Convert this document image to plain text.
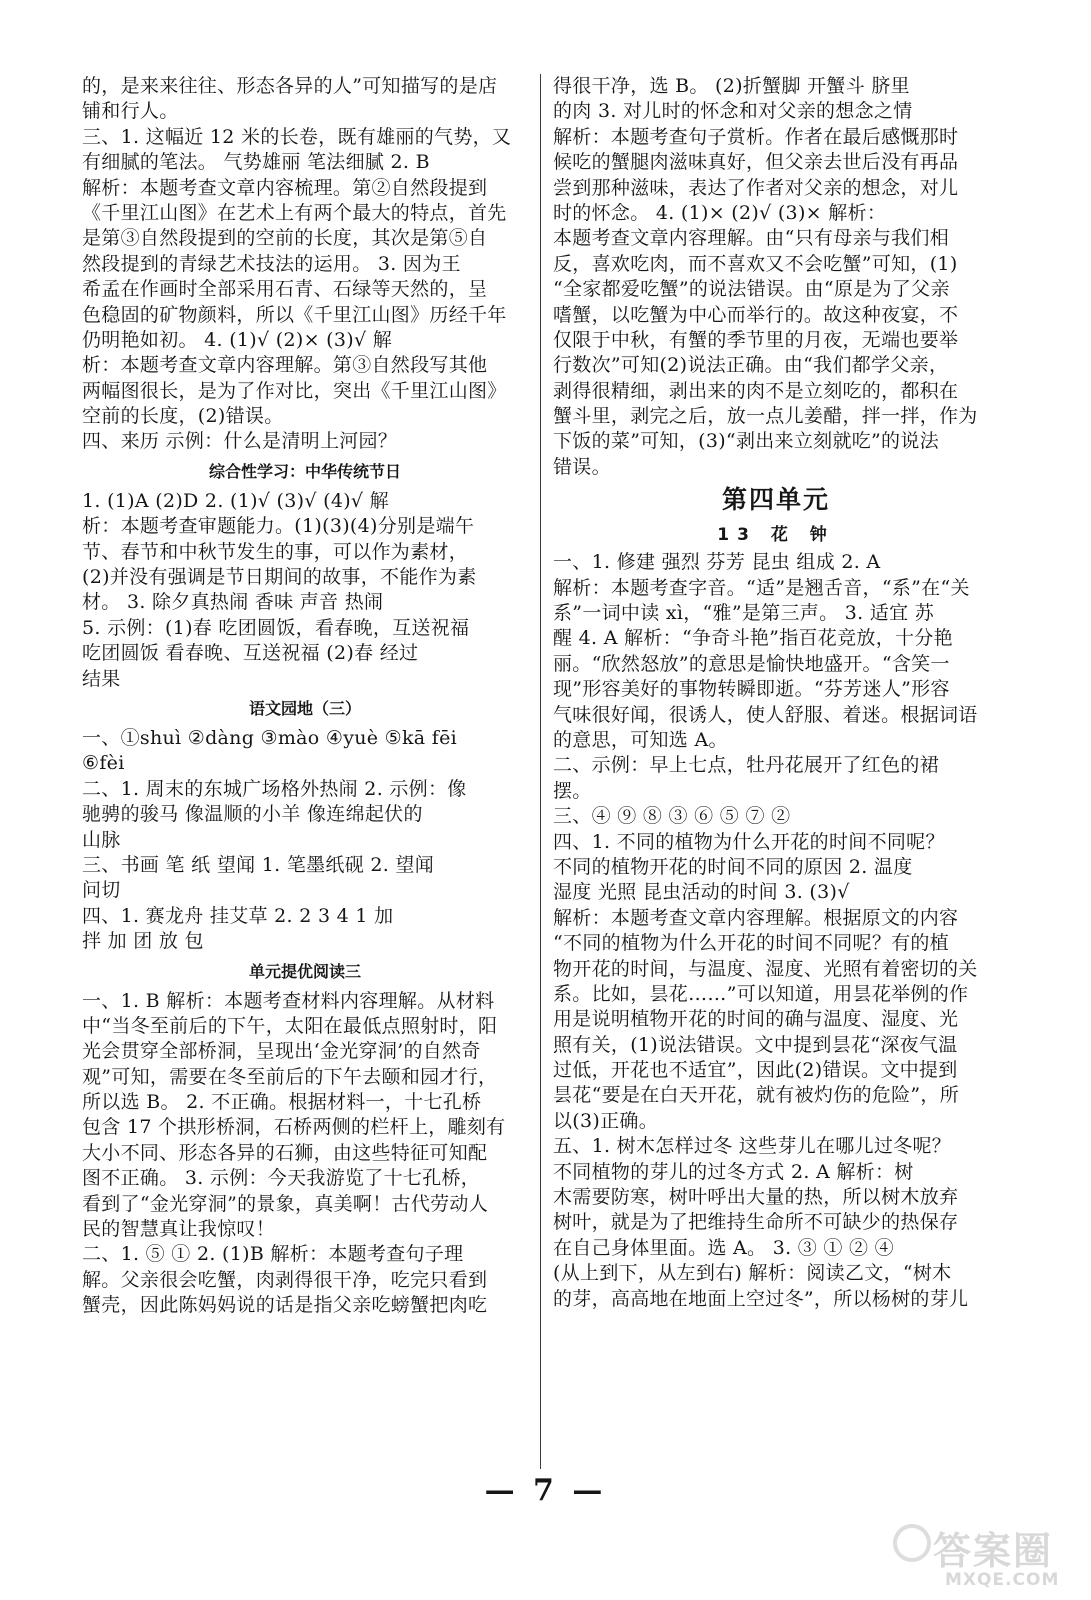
的，是来来往往、形态各异的人”可知描写的是店
铺和行人。
三、1. 这幅近 12 米的长卷，既有雄丽的气势，又
有细腻的笔法。 气势雄丽 笔法细腻 2. B
解析：本题考查文章内容梳理。第②自然段提到
《千里江山图》在艺术上有两个最大的特点，首先
是第③自然段提到的空前的长度，其次是第⑤自
然段提到的青绿艺术技法的运用。 3. 因为王
希孟在作画时全部采用石青、石绿等天然的，呈
色稳固的矿物颜料，所以《千里江山图》历经千年
仍明艳如初。 4. (1)√ (2)× (3)√ 解
析：本题考查文章内容理解。第③自然段写其他
两幅图很长，是为了作对比，突出《千里江山图》
空前的长度，(2)错误。
四、来历 示例：什么是清明上河园？
综合性学习：中华传统节日
1. (1)A (2)D 2. (1)√ (3)√ (4)√ 解
析：本题考查审题能力。(1)(3)(4)分别是端午
节、春节和中秋节发生的事，可以作为素材，
(2)并没有强调是节日期间的故事，不能作为素
材。 3. 除夕真热闹 香味 声音 热闹
5. 示例：(1)春 吃团圆饭，看春晚，互送祝福
吃团圆饭 看春晚、互送祝福 (2)春 经过
结果
语文园地（三）
一、①shuì ②dàng ③mào ④yuè ⑤kā fēi
⑥fèi
二、1. 周末的东城广场格外热闹 2. 示例：像
驰骋的骏马 像温顺的小羊 像连绵起伏的
山脉
三、书画 笔 纸 望闻 1. 笔墨纸砚 2. 望闻
问切
四、1. 赛龙舟 挂艾草 2. 2 3 4 1 加
拌 加 团 放 包
单元提优阅读三
一、1. B 解析：本题考查材料内容理解。从材料
中“当冬至前后的下午，太阳在最低点照射时，阳
光会贯穿全部桥洞，呈现出‘金光穿洞’的自然奇
观”可知，需要在冬至前后的下午去颐和园才行，
所以选 B。 2. 不正确。根据材料一，十七孔桥
包含 17 个拱形桥洞，石桥两侧的栏杆上，雕刻有
大小不同、形态各异的石狮，由这些特征可知配
图不正确。 3. 示例：今天我游览了十七孔桥，
看到了“金光穿洞”的景象，真美啊！古代劳动人
民的智慧真让我惊叹！
二、1. ⑤ ① 2. (1)B 解析：本题考查句子理
解。父亲很会吃蟹，肉剥得很干净，吃完只看到
蟹壳，因此陈妈妈说的话是指父亲吃螃蟹把肉吃
得很干净，选 B。 (2)折蟹脚 开蟹斗 脐里
的肉 3. 对儿时的怀念和对父亲的想念之情
解析：本题考查句子赏析。作者在最后感慨那时
候吃的蟹腿肉滋味真好，但父亲去世后没有再品
尝到那种滋味，表达了作者对父亲的想念，对儿
时的怀念。 4. (1)× (2)√ (3)× 解析：
本题考查文章内容理解。由“只有母亲与我们相
反，喜欢吃肉，而不喜欢又不会吃蟹”可知，(1)
“全家都爱吃蟹”的说法错误。由“原是为了父亲
嗜蟹，以吃蟹为中心而举行的。故这种夜宴，不
仅限于中秋，有蟹的季节里的月夜，无端也要举
行数次”可知(2)说法正确。由“我们都学父亲，
剥得很精细，剥出来的肉不是立刻吃的，都积在
蟹斗里，剥完之后，放一点儿姜醋，拌一拌，作为
下饭的菜”可知，(3)“剥出来立刻就吃”的说法
错误。
第四单元
13 花 钟
一、1. 修建 强烈 芬芳 昆虫 组成 2. A
解析：本题考查字音。“适”是翘舌音，“系”在“关
系”一词中读 xì，“雅”是第三声。 3. 适宜 苏
醒 4. A 解析：“争奇斗艳”指百花竞放，十分艳
丽。“欣然怒放”的意思是愉快地盛开。“含笑一
现”形容美好的事物转瞬即逝。“芬芳迷人”形容
气味很好闻，很诱人，使人舒服、着迷。根据词语
的意思，可知选 A。
二、示例：早上七点，牡丹花展开了红色的裙
摆。
三、④ ⑨ ⑧ ③ ⑥ ⑤ ⑦ ②
四、1. 不同的植物为什么开花的时间不同呢？
不同的植物开花的时间不同的原因 2. 温度
湿度 光照 昆虫活动的时间 3. (3)√
解析：本题考查文章内容理解。根据原文的内容
“不同的植物为什么开花的时间不同呢？有的植
物开花的时间，与温度、湿度、光照有着密切的关
系。比如，昙花……”可以知道，用昙花举例的作
用是说明植物开花的时间的确与温度、湿度、光
照有关，(1)说法错误。文中提到昙花“深夜气温
过低，开花也不适宜”，因此(2)错误。文中提到
昙花“要是在白天开花，就有被灼伤的危险”，所
以(3)正确。
五、1. 树木怎样过冬 这些芽儿在哪儿过冬呢？
不同植物的芽儿的过冬方式 2. A 解析：树
木需要防寒，树叶呼出大量的热，所以树木放弃
树叶，就是为了把维持生命所不可缺少的热保存
在自己身体里面。选 A。 3. ③ ① ② ④
(从上到下，从左到右) 解析：阅读乙文，“树木
的芽，高高地在地面上空过冬”，所以杨树的芽儿
— 7 —
答案圈
MXQE.COM
